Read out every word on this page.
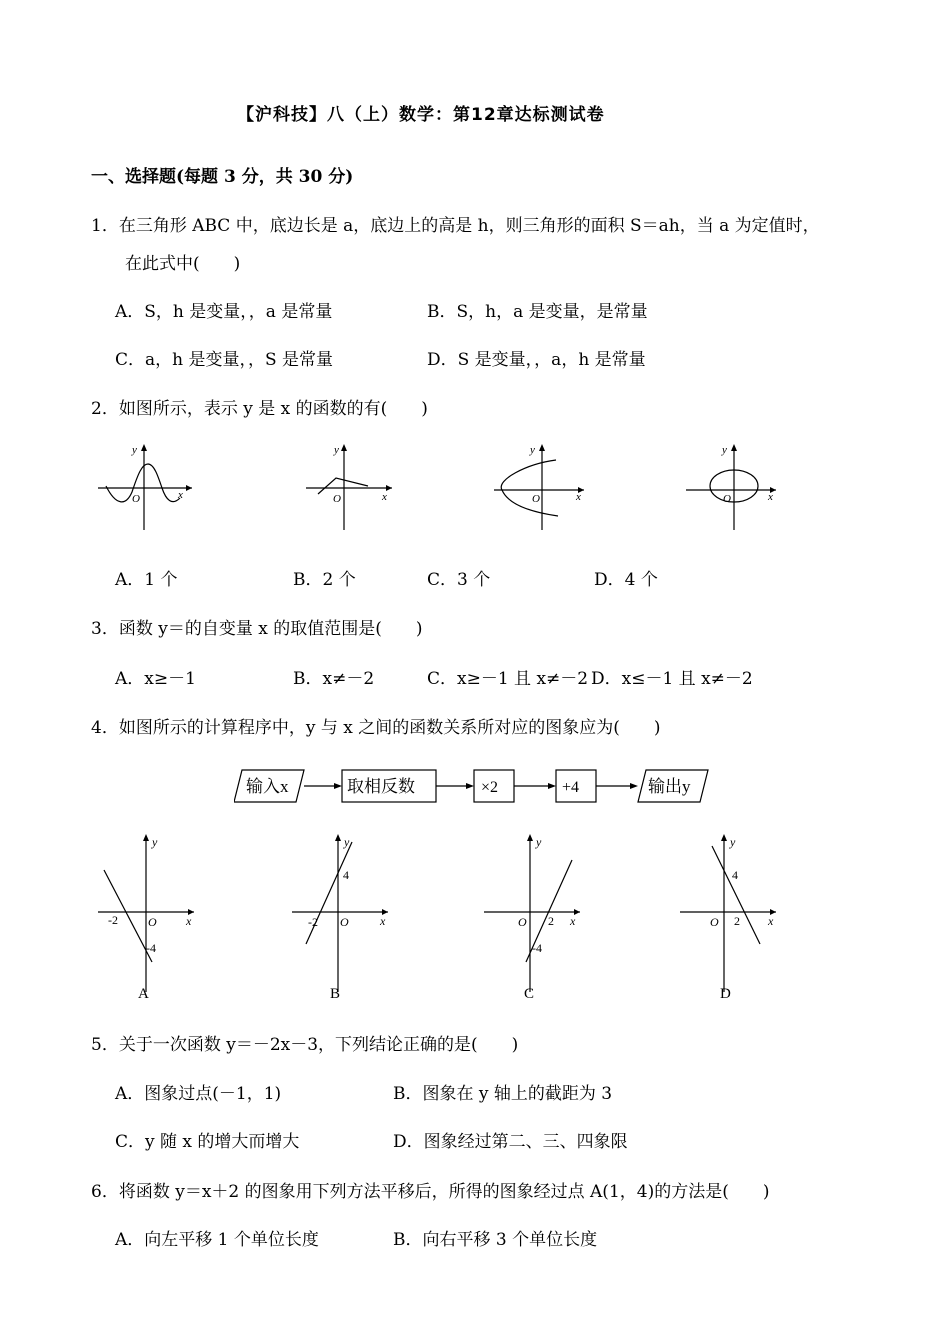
【沪科技】八（上）数学：第12章达标测试卷
一、选择题(每题 3 分，共 30 分)
1．在三角形 ABC 中，底边长是 a，底边上的高是 h，则三角形的面积 S＝ah，当 a 为定值时，
在此式中(　　)
A．S，h 是变量，，a 是常量	B．S，h，a 是变量，是常量
C．a，h 是变量，，S 是常量	D．S 是变量，，a，h 是常量
2．如图所示，表示 y 是 x 的函数的有(　　)
y
x
O
y
x
O
y
x
O
y
x
O
A．1 个	B．2 个	C．3 个	D．4 个
3．函数 y＝的自变量 x 的取值范围是(　　)
A．x≥－1	B．x≠－2	C．x≥－1 且 x≠－2 D．x≤－1 且 x≠－2
4．如图所示的计算程序中，y 与 x 之间的函数关系所对应的图象应为(　　)
输入x	取相反数	×2	+4	输出y
y
x
O
-2
-4
A
y
x
O
4
-2
B
y
x
O 2
-4
C
y
x
O
4
2
D
5．关于一次函数 y＝－2x－3，下列结论正确的是(　　)
A．图象过点(－1，1)	B．图象在 y 轴上的截距为 3
C．y 随 x 的增大而增大	D．图象经过第二、三、四象限
6．将函数 y＝x＋2 的图象用下列方法平移后，所得的图象经过点 A(1，4)的方法是(　　)
A．向左平移 1 个单位长度	B．向右平移 3 个单位长度
